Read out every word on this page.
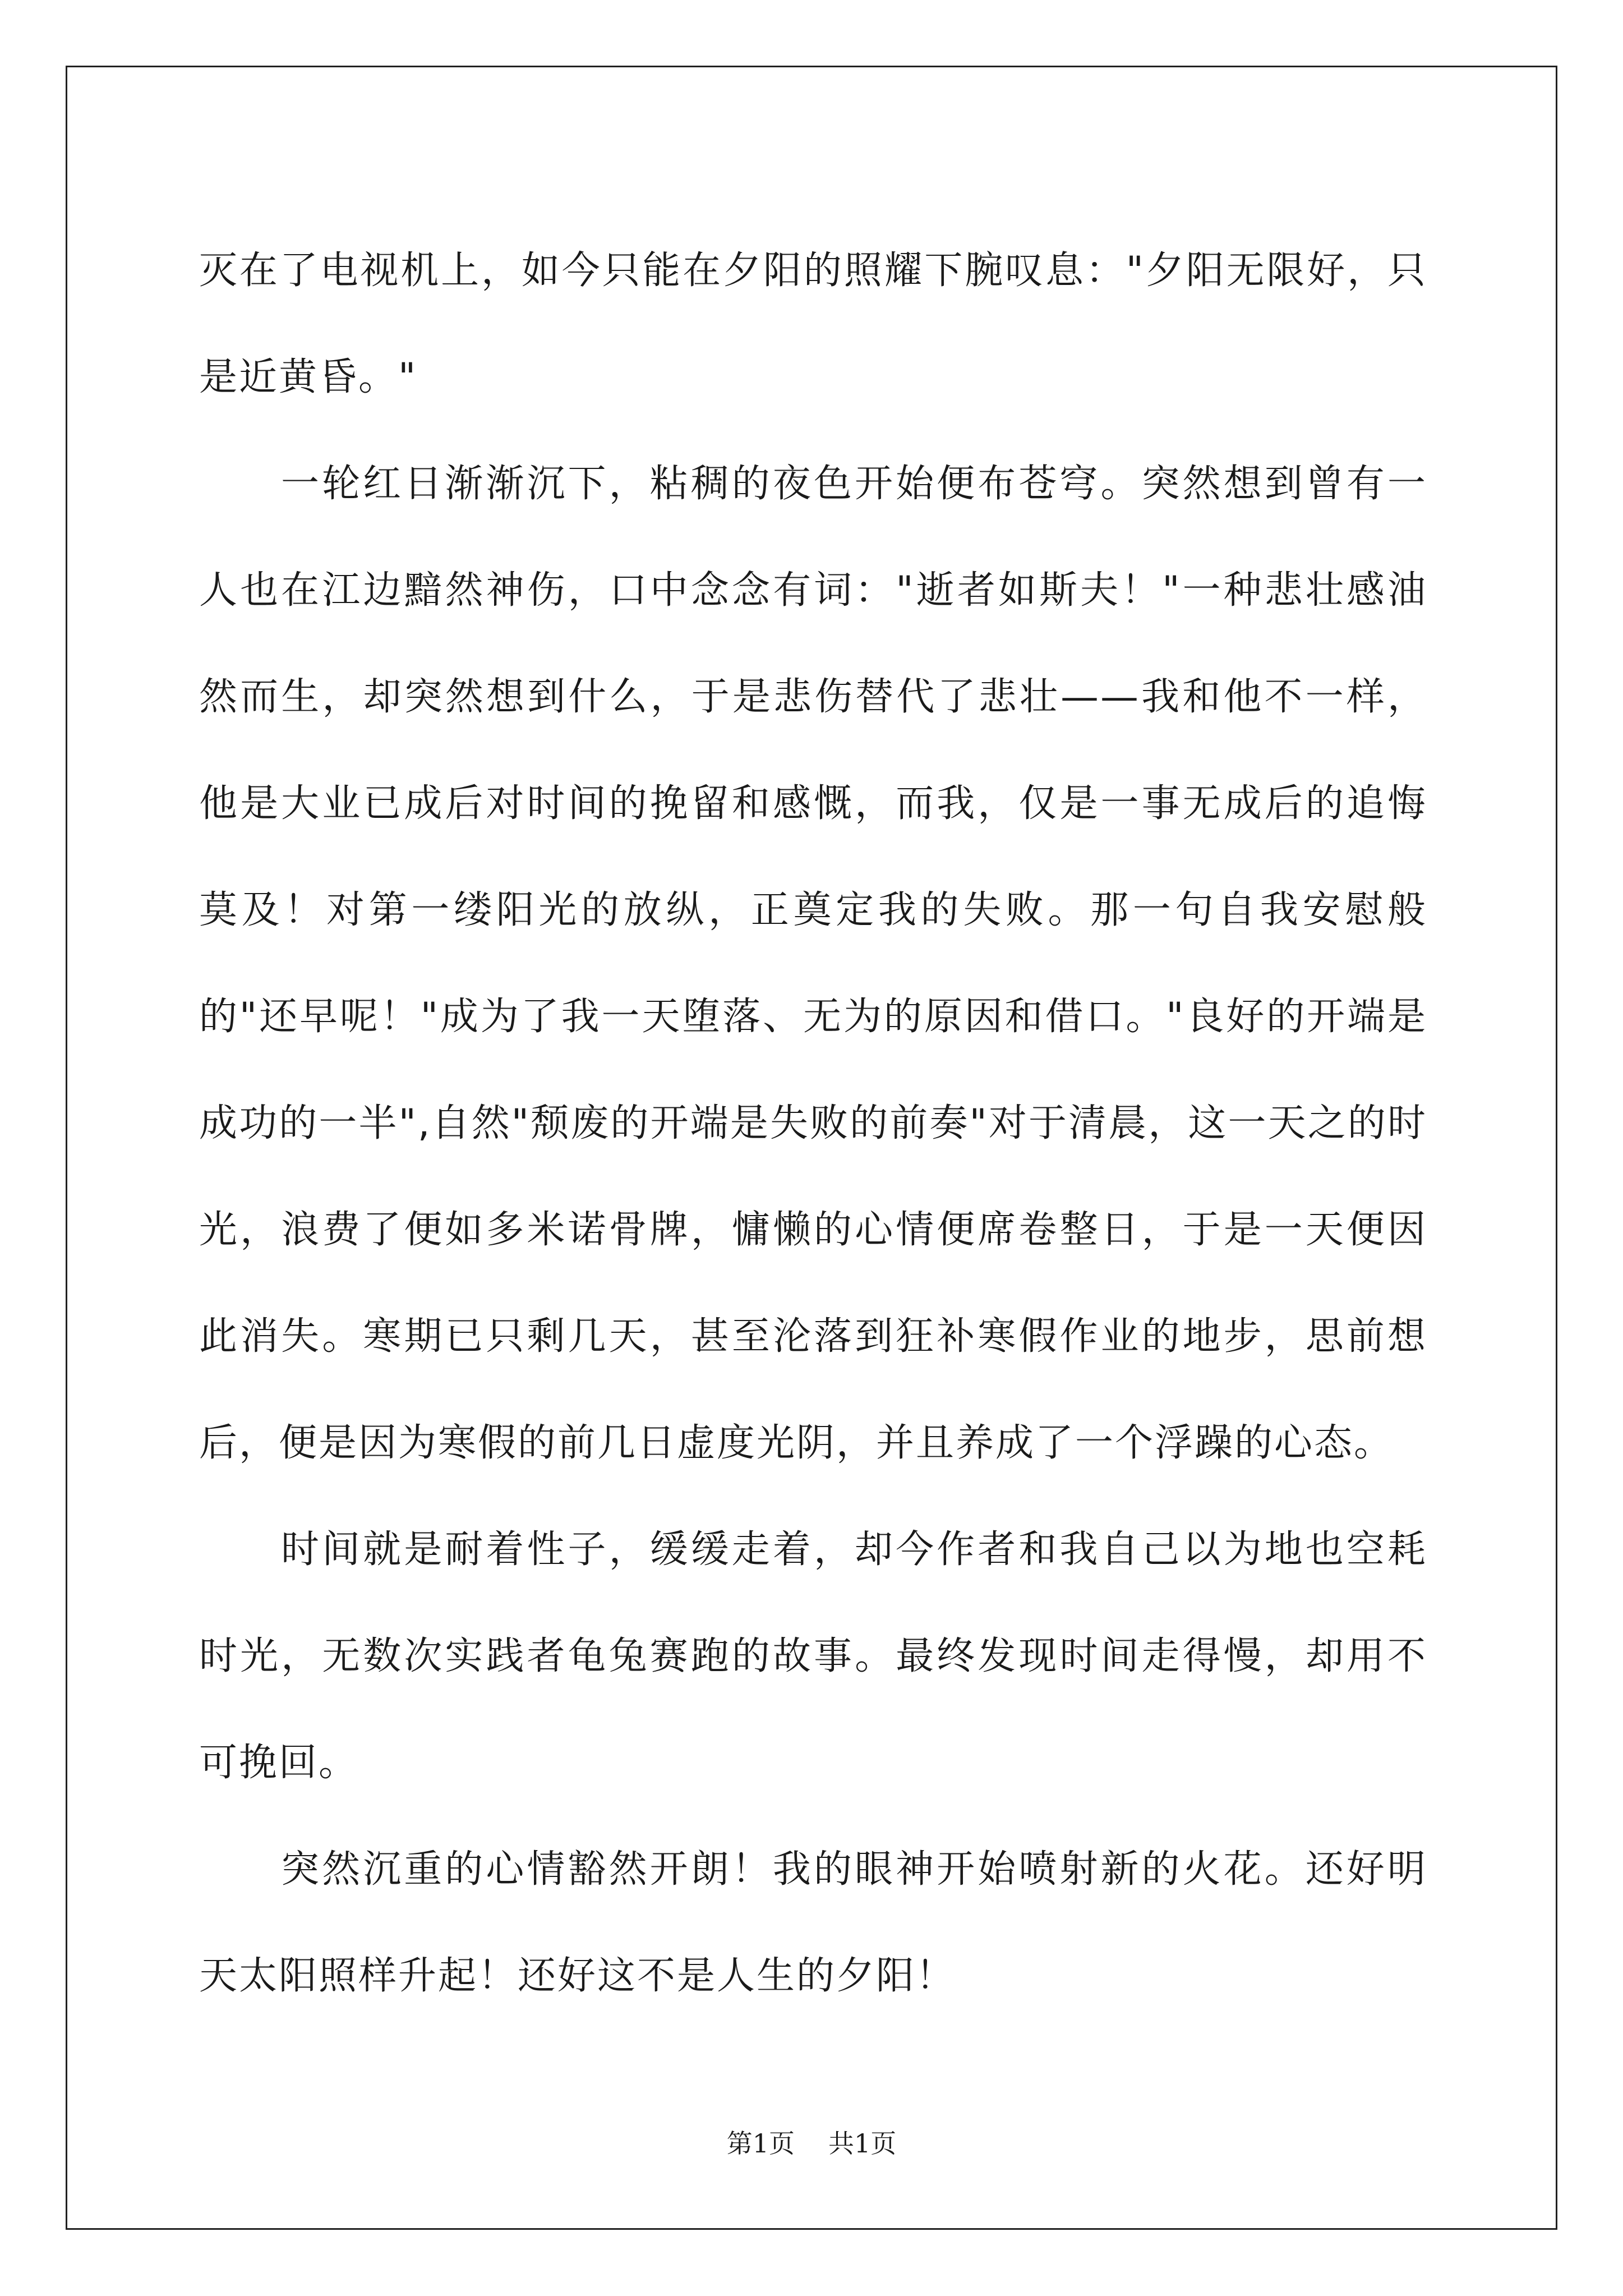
灭在了电视机上，如今只能在夕阳的照耀下腕叹息："夕阳无限好，只是近黄昏。"

一轮红日渐渐沉下，粘稠的夜色开始便布苍穹。突然想到曾有一人也在江边黯然神伤，口中念念有词："逝者如斯夫！"一种悲壮感油然而生，却突然想到什么，于是悲伤替代了悲壮——我和他不一样，他是大业已成后对时间的挽留和感慨，而我，仅是一事无成后的追悔莫及！对第一缕阳光的放纵，正奠定我的失败。那一句自我安慰般的"还早呢！"成为了我一天堕落、无为的原因和借口。"良好的开端是成功的一半",自然"颓废的开端是失败的前奏"对于清晨，这一天之的时光，浪费了便如多米诺骨牌，慵懒的心情便席卷整日，于是一天便因此消失。寒期已只剩几天，甚至沦落到狂补寒假作业的地步，思前想后，便是因为寒假的前几日虚度光阴，并且养成了一个浮躁的心态。

时间就是耐着性子，缓缓走着，却今作者和我自己以为地也空耗时光，无数次实践者龟兔赛跑的故事。最终发现时间走得慢，却用不可挽回。

突然沉重的心情豁然开朗！我的眼神开始喷射新的火花。还好明天太阳照样升起！还好这不是人生的夕阳！

第1页 共1页
